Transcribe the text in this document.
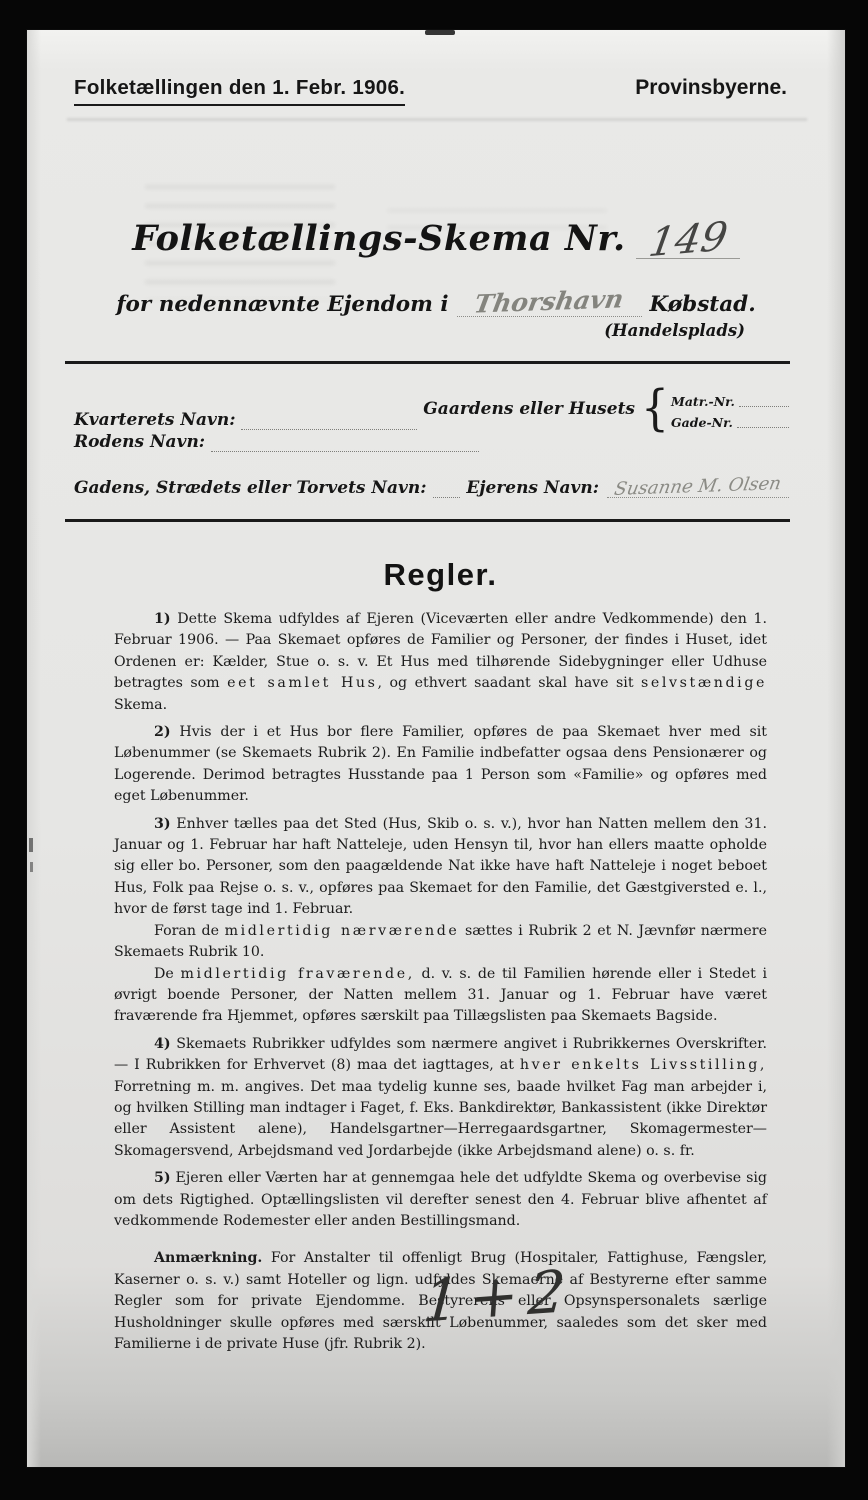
Folketællingen den 1. Febr. 1906.	Provinsbyerne.
Folketællings-Skema Nr. 149
for nedennævnte Ejendom i Thorshavn	Købstad.
(Handelsplads)
Kvarterets Navn:
Gaardens eller Husets { Matr.-Nr.
Gade-Nr.
Rodens Navn:
Gadens, Strædets eller Torvets Navn: Ejerens Navn: Susanne M. Olsen
Regler.

1) Dette Skema udfyldes af Ejeren (Viceværten eller andre Vedkommende) den 1. Februar 1906. — Paa Skemaet opføres de Familier og Personer, der findes i Huset, idet Ordenen er: Kælder, Stue o. s. v. Et Hus med tilhørende Sidebygninger eller Udhuse betragtes som eet samlet Hus, og ethvert saadant skal have sit selvstændige Skema.

2) Hvis der i et Hus bor flere Familier, opføres de paa Skemaet hver med sit Løbenummer (se Skemaets Rubrik 2). En Familie indbefatter ogsaa dens Pensionærer og Logerende. Derimod betragtes Husstande paa 1 Person som «Familie» og opføres med eget Løbenummer.

3) Enhver tælles paa det Sted (Hus, Skib o. s. v.), hvor han Natten mellem den 31. Januar og 1. Februar har haft Natteleje, uden Hensyn til, hvor han ellers maatte opholde sig eller bo. Personer, som den paagældende Nat ikke have haft Natteleje i noget beboet Hus, Folk paa Rejse o. s. v., opføres paa Skemaet for den Familie, det Gæstgiversted e. l., hvor de først tage ind 1. Februar.

Foran de midlertidig nærværende sættes i Rubrik 2 et N. Jævnfør nærmere Skemaets Rubrik 10.

De midlertidig fraværende, d. v. s. de til Familien hørende eller i Stedet i øvrigt boende Personer, der Natten mellem 31. Januar og 1. Februar have været fraværende fra Hjemmet, opføres særskilt paa Tillægslisten paa Skemaets Bagside.

4) Skemaets Rubrikker udfyldes som nærmere angivet i Rubrikkernes Overskrifter. — I Rubrikken for Erhvervet (8) maa det iagttages, at hver enkelts Livsstilling, Forretning m. m. angives. Det maa tydelig kunne ses, baade hvilket Fag man arbejder i, og hvilken Stilling man indtager i Faget, f. Eks. Bankdirektør, Bankassistent (ikke Direktør eller Assistent alene), Handelsgartner—Herregaardsgartner, Skomagermester—Skomagersvend, Arbejdsmand ved Jordarbejde (ikke Arbejdsmand alene) o. s. fr.

5) Ejeren eller Værten har at gennemgaa hele det udfyldte Skema og overbevise sig om dets Rigtighed. Optællingslisten vil derefter senest den 4. Februar blive afhentet af vedkommende Rodemester eller anden Bestillingsmand.

Anmærkning. For Anstalter til offenligt Brug (Hospitaler, Fattighuse, Fængsler, Kaserner o. s. v.) samt Hoteller og lign. udfyldes Skemaerne af Bestyrerne efter samme Regler som for private Ejendomme. Bestyrerens eller Opsynspersonalets særlige Husholdninger skulle opføres med særskilt Løbenummer, saaledes som det sker med Familierne i de private Huse (jfr. Rubrik 2).

1+2
